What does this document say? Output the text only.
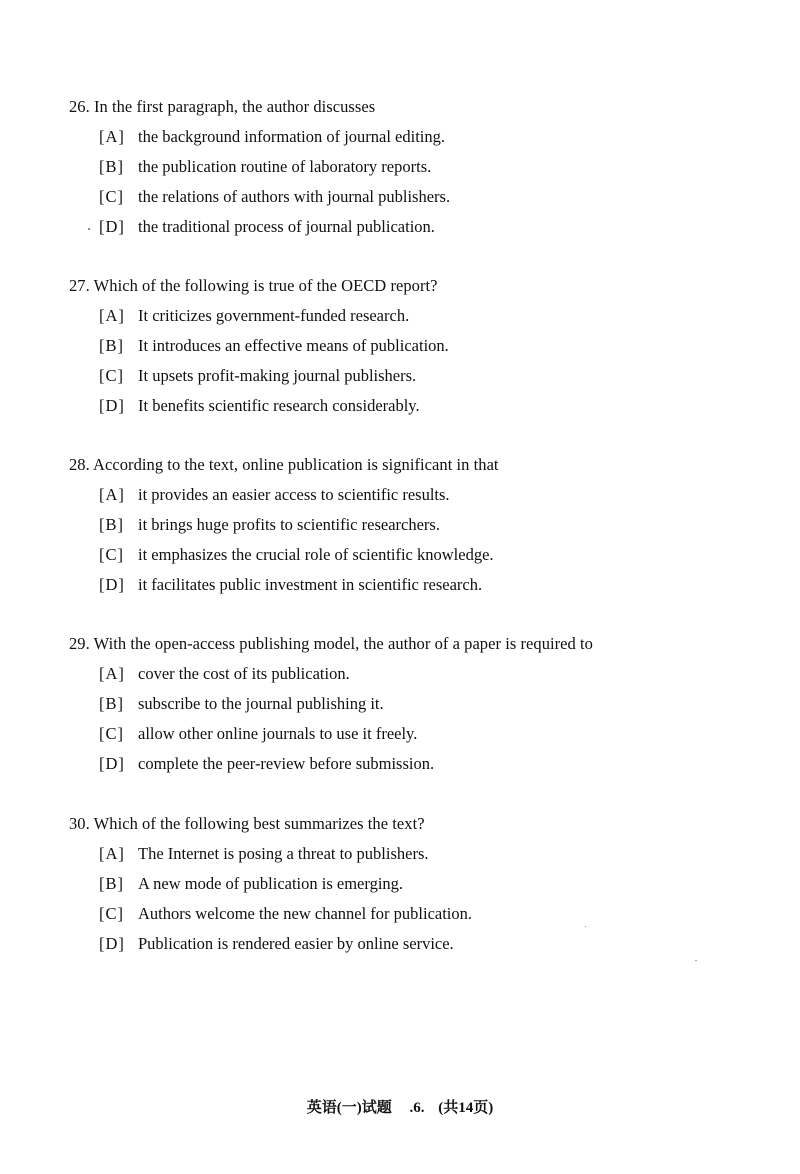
26. In the first paragraph, the author discusses
[A] the background information of journal editing.
[B] the publication routine of laboratory reports.
[C] the relations of authors with journal publishers.
[D] the traditional process of journal publication.
27. Which of the following is true of the OECD report?
[A] It criticizes government-funded research.
[B] It introduces an effective means of publication.
[C] It upsets profit-making journal publishers.
[D] It benefits scientific research considerably.
28. According to the text, online publication is significant in that
[A] it provides an easier access to scientific results.
[B] it brings huge profits to scientific researchers.
[C] it emphasizes the crucial role of scientific knowledge.
[D] it facilitates public investment in scientific research.
29. With the open-access publishing model, the author of a paper is required to
[A] cover the cost of its publication.
[B] subscribe to the journal publishing it.
[C] allow other online journals to use it freely.
[D] complete the peer-review before submission.
30. Which of the following best summarizes the text?
[A] The Internet is posing a threat to publishers.
[B] A new mode of publication is emerging.
[C] Authors welcome the new channel for publication.
[D] Publication is rendered easier by online service.
英语(一)试题 .6. (共14页)
